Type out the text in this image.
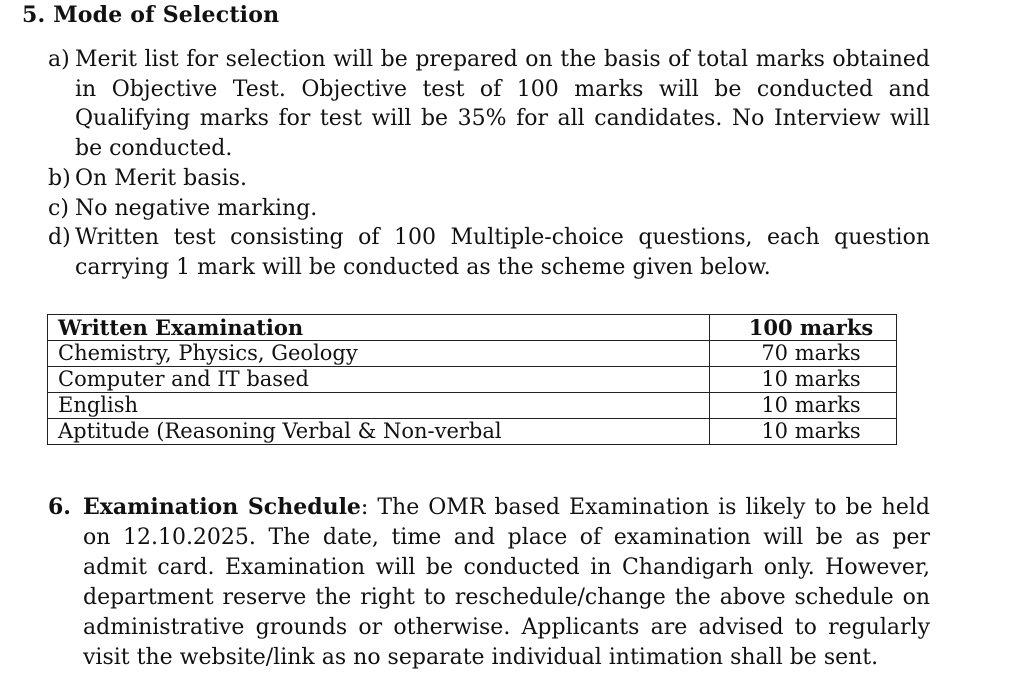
5. Mode of Selection
a) Merit list for selection will be prepared on the basis of total marks obtained in Objective Test. Objective test of 100 marks will be conducted and Qualifying marks for test will be 35% for all candidates. No Interview will be conducted.
b) On Merit basis.
c) No negative marking.
d) Written test consisting of 100 Multiple-choice questions, each question carrying 1 mark will be conducted as the scheme given below.
Written Examination	100 marks
Chemistry, Physics, Geology	70 marks
Computer and IT based	10 marks
English	10 marks
Aptitude (Reasoning Verbal & Non-verbal	10 marks
6. Examination Schedule: The OMR based Examination is likely to be held on 12.10.2025. The date, time and place of examination will be as per admit card. Examination will be conducted in Chandigarh only. However, department reserve the right to reschedule/change the above schedule on administrative grounds or otherwise. Applicants are advised to regularly visit the website/link as no separate individual intimation shall be sent.
